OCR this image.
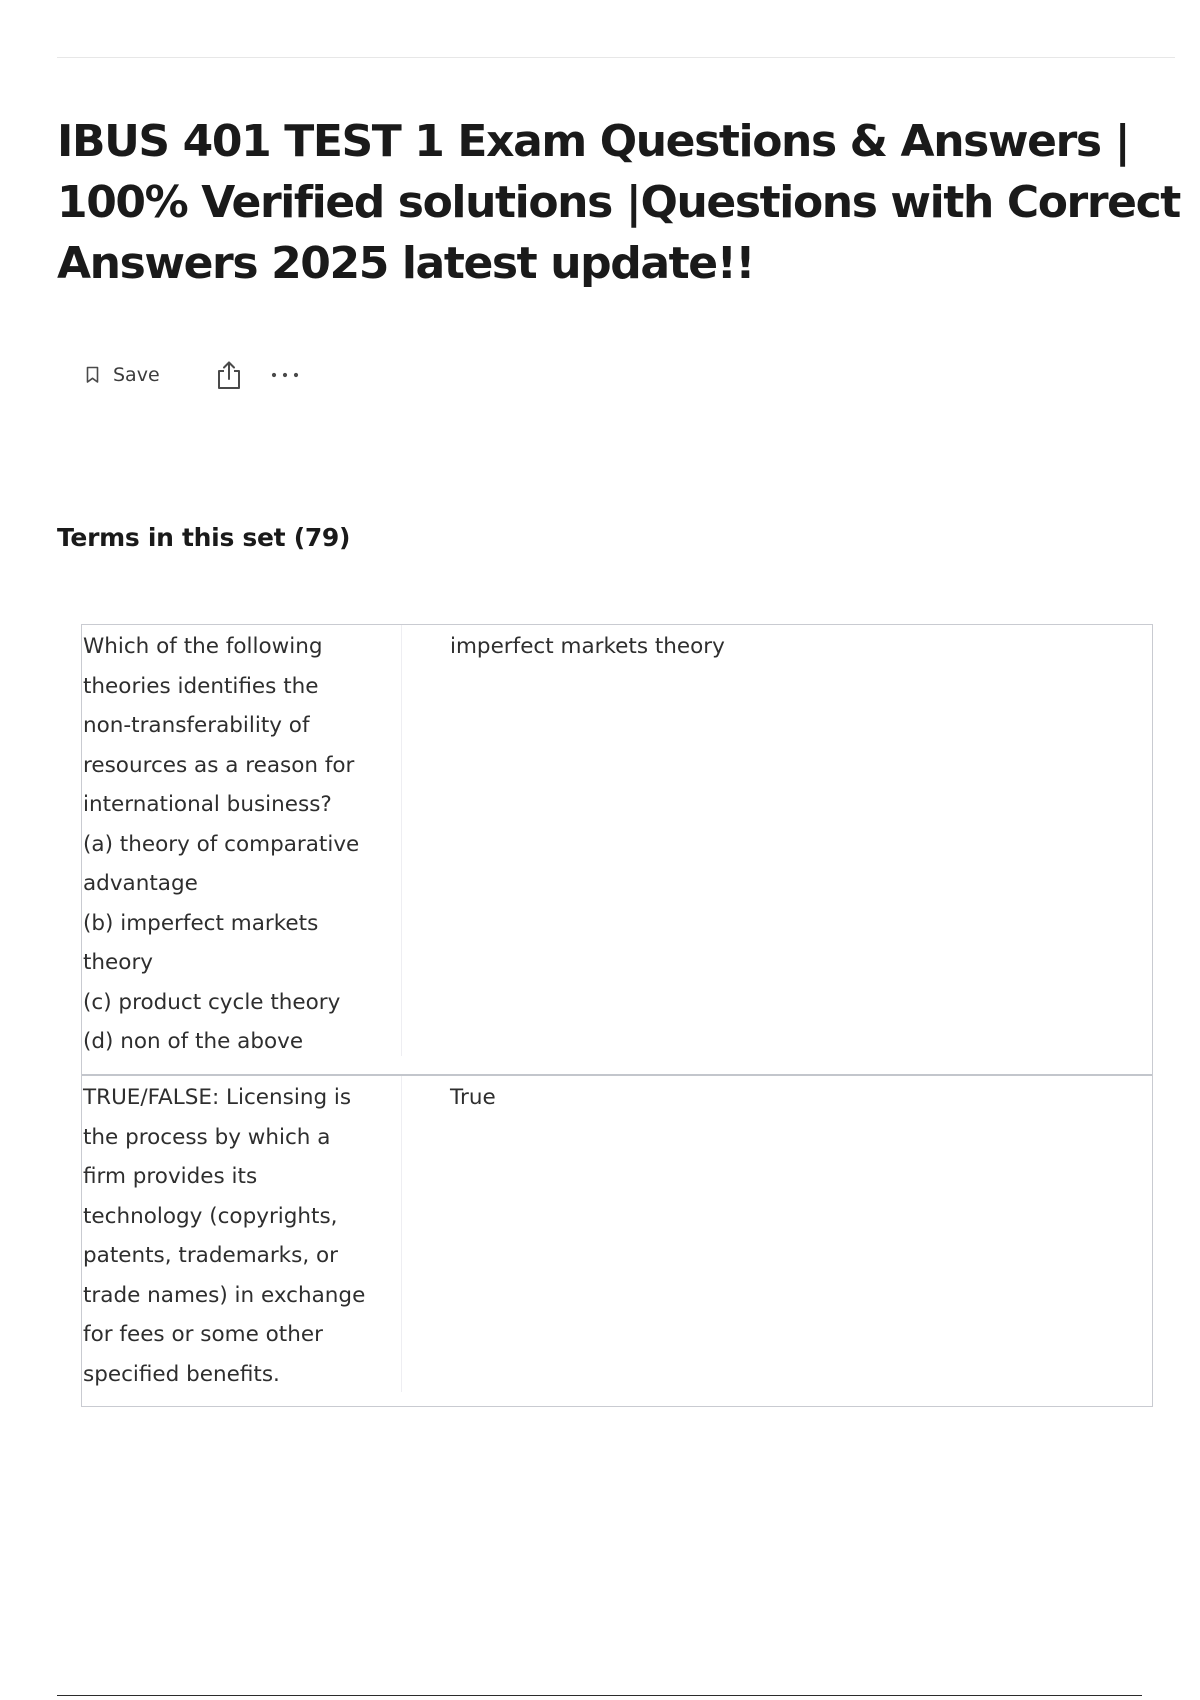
IBUS 401 TEST 1 Exam Questions & Answers | 100% Verified solutions |Questions with Correct Answers 2025 latest update!!
Save
Terms in this set (79)
Which of the following
theories identifies the
non-transferability of
resources as a reason for
international business?
(a) theory of comparative
advantage
(b) imperfect markets
theory
(c) product cycle theory
(d) non of the above
imperfect markets theory
TRUE/FALSE: Licensing is
the process by which a
firm provides its
technology (copyrights,
patents, trademarks, or
trade names) in exchange
for fees or some other
specified benefits.
True
